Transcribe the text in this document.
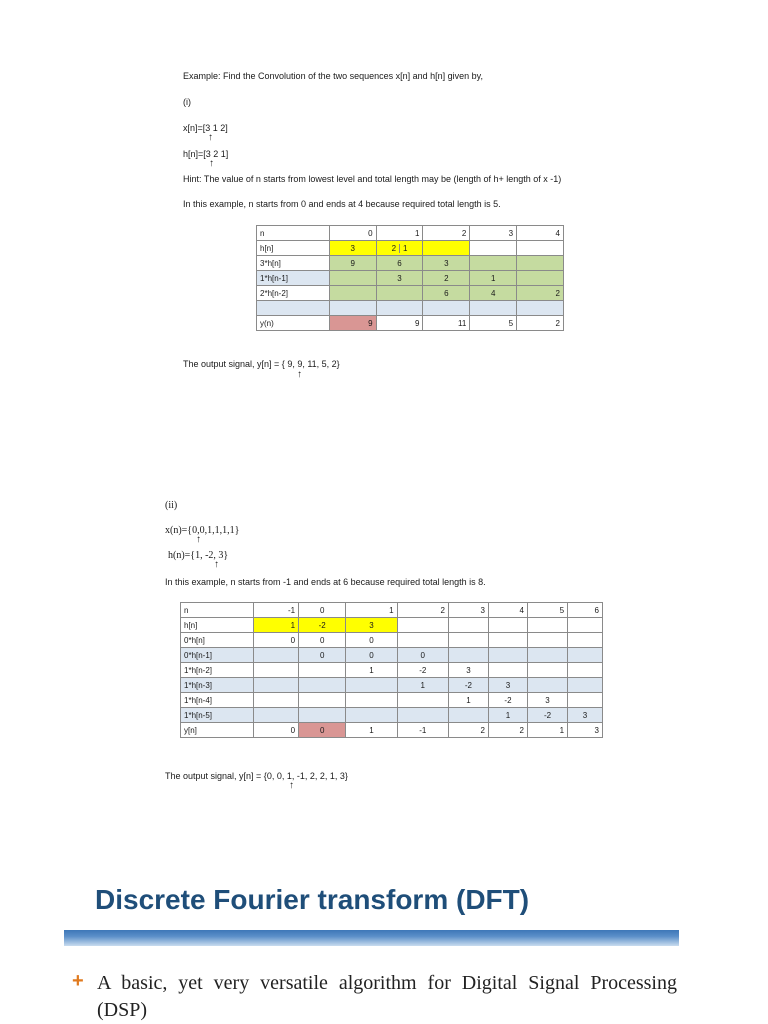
Example: Find the Convolution of the two sequences x[n] and h[n] given by,
(i)
x[n]=[3 1 2]
↑
h[n]=[3 2 1]
↑
Hint: The value of n starts from lowest level and total length may be (length of h+ length of x -1)
In this example, n starts from 0 and ends at 4 because required total length is 5.
n	0	1	2	3	4
h[n]	3	2 1			

3*h[n]	9	6	3		
1*h[n-1]		3	2	1	
2*h[n-2]			6	4	2

y(n)	9	9	11	5	2
The output signal, y[n] = { 9, 9, 11, 5, 2}
↑
(ii)
x(n)={0,0,1,1,1,1}
↑
h(n)={1, -2, 3}
↑
In this example, n starts from -1 and ends at 6 because required total length is 8.
n	-1	0	1	2	3	4	5	6
h[n]	1	-2	3					
0*h[n]	0	0	0					
0*h[n-1]		0	0	0				
1*h[n-2]			1	-2	3			
1*h[n-3]				1	-2	3		
1*h[n-4]					1	-2	3	
1*h[n-5]						1	-2	3
y[n]	0	0	1	-1	2	2	1	3
The output signal, y[n] = {0, 0, 1, -1, 2, 2, 1, 3}
↑
Discrete Fourier transform (DFT)
+ A basic, yet very versatile algorithm for Digital Signal Processing (DSP)
